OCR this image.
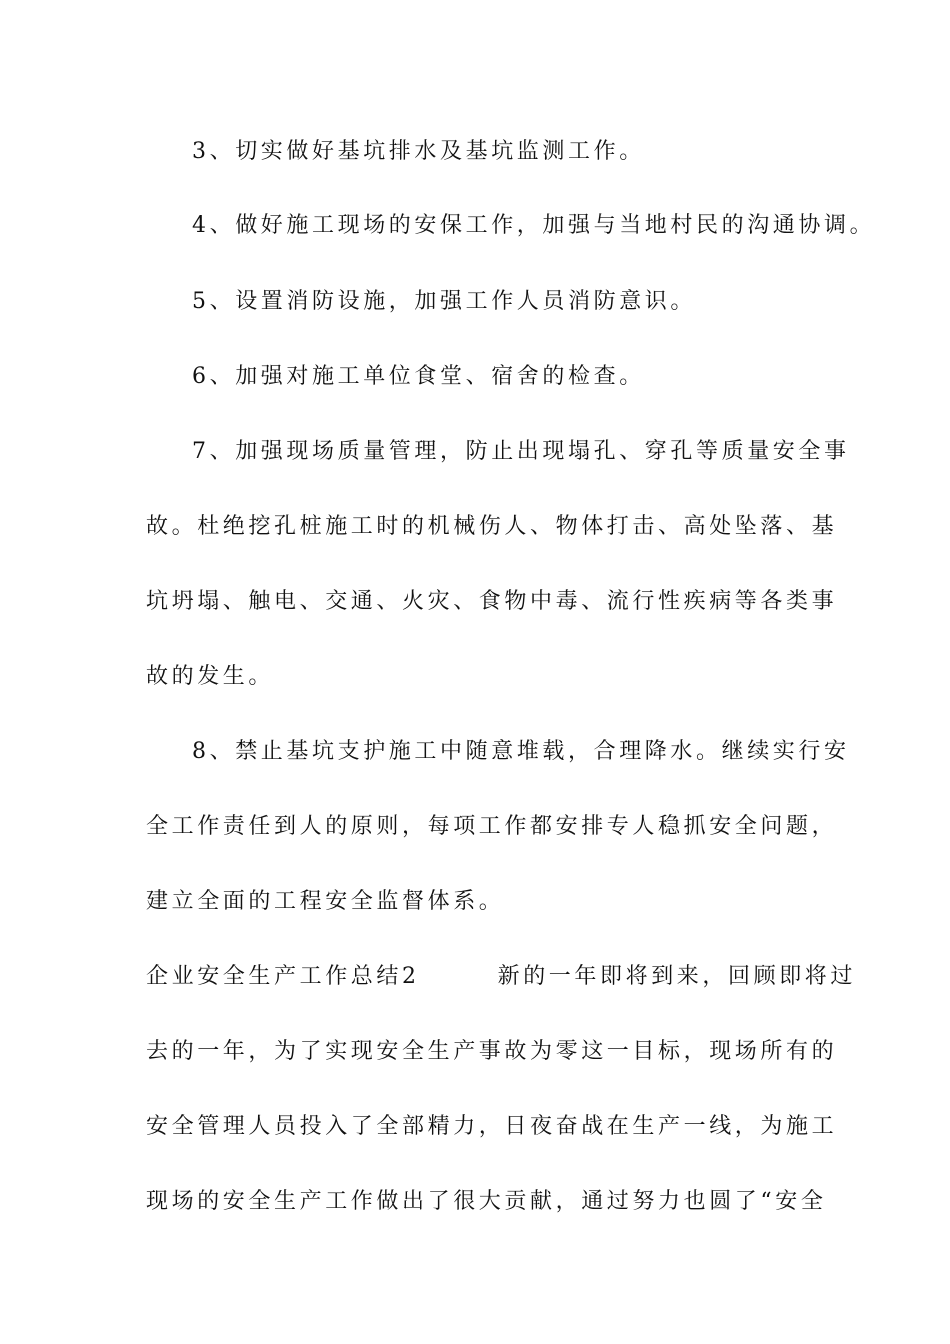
3、切实做好基坑排水及基坑监测工作。
4、做好施工现场的安保工作，加强与当地村民的沟通协调。
5、设置消防设施，加强工作人员消防意识。
6、加强对施工单位食堂、宿舍的检查。
7、加强现场质量管理，防止出现塌孔、穿孔等质量安全事
故。杜绝挖孔桩施工时的机械伤人、物体打击、高处坠落、基
坑坍塌、触电、交通、火灾、食物中毒、流行性疾病等各类事
故的发生。
8、禁止基坑支护施工中随意堆载，合理降水。继续实行安
全工作责任到人的原则，每项工作都安排专人稳抓安全问题，
建立全面的工程安全监督体系。
企业安全生产工作总结2	新的一年即将到来，回顾即将过
去的一年，为了实现安全生产事故为零这一目标，现场所有的
安全管理人员投入了全部精力，日夜奋战在生产一线，为施工
现场的安全生产工作做出了很大贡献，通过努力也圆了“安全
